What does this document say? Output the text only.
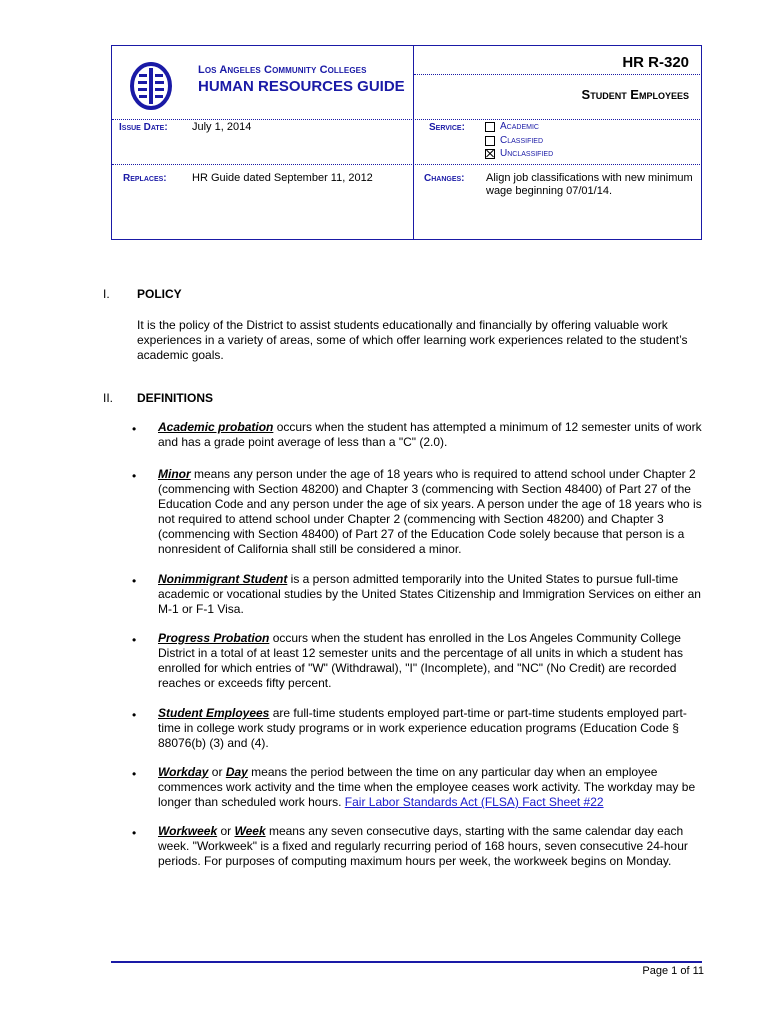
Los Angeles Community Colleges
HUMAN RESOURCES GUIDE
HR R-320
Student Employees
Issue Date: July 1, 2014	Service:	Academic
Classified
Unclassified
Replaces: HR Guide dated September 11, 2012	Changes: Align job classifications with new minimum wage beginning 07/01/14.
I. POLICY
It is the policy of the District to assist students educationally and financially by offering valuable work experiences in a variety of areas, some of which offer learning work experiences related to the student’s academic goals.
II. DEFINITIONS
• Academic probation occurs when the student has attempted a minimum of 12 semester units of work and has a grade point average of less than a "C" (2.0).
• Minor means any person under the age of 18 years who is required to attend school under Chapter 2 (commencing with Section 48200) and Chapter 3 (commencing with Section 48400) of Part 27 of the Education Code and any person under the age of six years. A person under the age of 18 years who is not required to attend school under Chapter 2 (commencing with Section 48200) and Chapter 3 (commencing with Section 48400) of Part 27 of the Education Code solely because that person is a nonresident of California shall still be considered a minor.
• Nonimmigrant Student is a person admitted temporarily into the United States to pursue full-time academic or vocational studies by the United States Citizenship and Immigration Services on either an M-1 or F-1 Visa.
• Progress Probation occurs when the student has enrolled in the Los Angeles Community College District in a total of at least 12 semester units and the percentage of all units in which a student has enrolled for which entries of "W" (Withdrawal), "I" (Incomplete), and "NC" (No Credit) are recorded reaches or exceeds fifty percent.
• Student Employees are full-time students employed part-time or part-time students employed part-time in college work study programs or in work experience education programs (Education Code § 88076(b) (3) and (4).
• Workday or Day means the period between the time on any particular day when an employee commences work activity and the time when the employee ceases work activity. The workday may be longer than scheduled work hours. Fair Labor Standards Act (FLSA) Fact Sheet #22
• Workweek or Week means any seven consecutive days, starting with the same calendar day each week. "Workweek" is a fixed and regularly recurring period of 168 hours, seven consecutive 24-hour periods. For purposes of computing maximum hours per week, the workweek begins on Monday.
Page 1 of 11
